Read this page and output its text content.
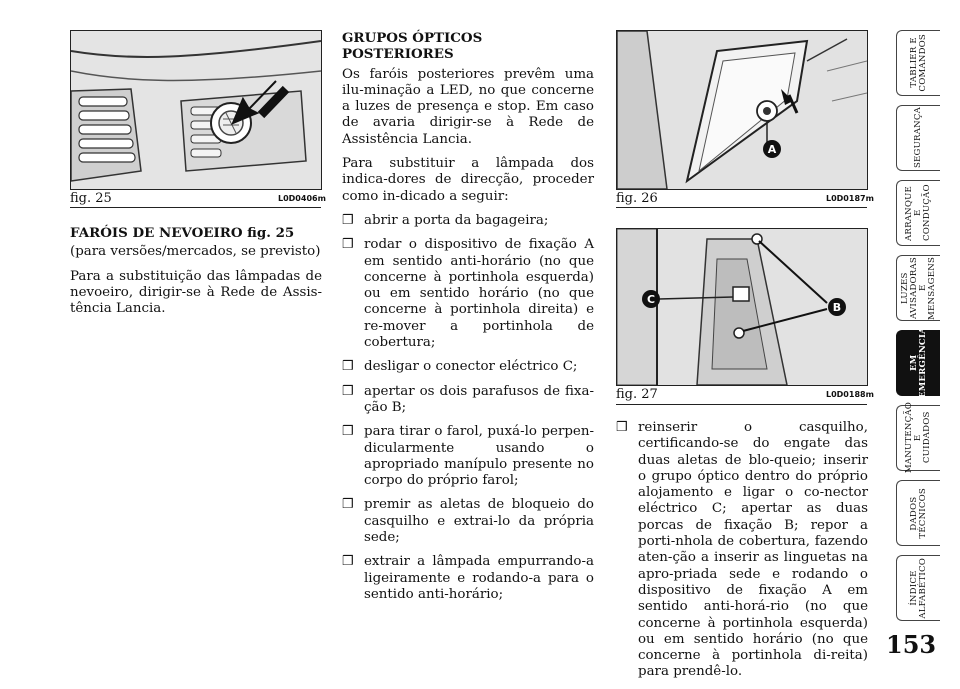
fig. 25	L0D0406m

FARÓIS DE NEVOEIRO fig. 25

(para versões/mercados, se previsto)

Para a substituição das lâmpadas de nevoeiro, dirigir-se à Rede de Assis-tência Lancia.

GRUPOS ÓPTICOS
POSTERIORES

Os faróis posteriores prevêm uma ilu-minação a LED, no que concerne a luzes de presença e stop. Em caso de avaria dirigir-se à Rede de Assistência Lancia.

Para substituir a lâmpada dos indica-dores de direcção, proceder como in-dicado a seguir:

❒ abrir a porta da bagageira;
❒ rodar o dispositivo de fixação A em sentido anti-horário (no que concerne à portinhola esquerda) ou em sentido horário (no que concerne à portinhola direita) e re-mover a portinhola de cobertura;
❒ desligar o conector eléctrico C;
❒ apertar os dois parafusos de fixa-ção B;
❒ para tirar o farol, puxá-lo perpen-dicularmente usando o apropriado manípulo presente no corpo do próprio farol;
❒ premir as aletas de bloqueio do casquilho e extrai-lo da própria sede;
❒ extrair a lâmpada empurrando-a ligeiramente e rodando-a para o sentido anti-horário;
A
fig. 26	L0D0187m
C
B
fig. 27	L0D0188m
❒ reinserir o casquilho, certificando-se do engate das duas aletas de blo-queio; inserir o grupo óptico dentro do próprio alojamento e ligar o co-nector eléctrico C; apertar as duas porcas de fixação B; repor a porti-nhola de cobertura, fazendo aten-ção a inserir as linguetas na apro-priada sede e rodando o dispositivo de fixação A em sentido anti-horá-rio (no que concerne à portinhola esquerda) ou em sentido horário (no que concerne à portinhola di-reita) para prendê-lo.
TABLIER E
COMANDOS
SEGURANÇA
ARRANQUE E
CONDUÇÃO
LUZES
AVISADORAS
E MENSAGENS
EM
EMERGÊNCIA
MANUTENÇÃO E
CUIDADOS
DADOS
TÉCNICOS
ÍNDICE
ALFABÉTICO
153
